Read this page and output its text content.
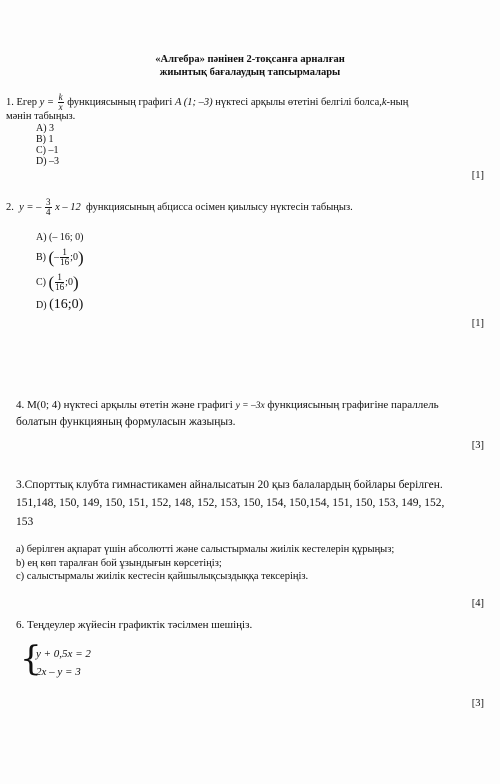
«Алгебра» пәнінен 2-тоқсанға арналған
жиынтық бағалаудың тапсырмалары
1. Егер $y = \frac{k}{x}$ функциясының графигі A (1; –3) нүктесі арқылы өтетіні белгілі болса,k-ның
мәнін табыңыз.
A) 3
B) 1
C) –1
D) –3
[1]
2. y = – $\frac{3}{4}$ x – 12 функциясының абцисса осімен қиылысу нүктесін табыңыз.
A) (– 16; 0)
B) (– $\frac{1}{16}$ ;0)
C) ( $\frac{1}{16}$ ;0)
D) (16;0)
[1]
4. M(0; 4) нүктесі арқылы өтетін және графигі y = –3x функциясының графигіне параллель
болатын функцияның формуласын жазыңыз.
[3]
3.Спорттық клубта гимнастикамен айналысатын 20 қыз балалардың бойлары берілген.
151,148, 150, 149, 150, 151, 152, 148, 152, 153, 150, 154, 150,154, 151, 150, 153, 149, 152,
153
а) берілген ақпарат үшін абсолютті және салыстырмалы жиілік кестелерін құрыңыз;
b) ең көп таралған бой ұзындығын көрсетіңіз;
c) салыстырмалы жиілік кестесін қайшылықсыздыққа тексеріңіз.
[4]
6. Теңдеулер жүйесін графиктік тәсілмен шешіңіз.
{
y + 0,5x = 2
2x – y = 3
[3]
